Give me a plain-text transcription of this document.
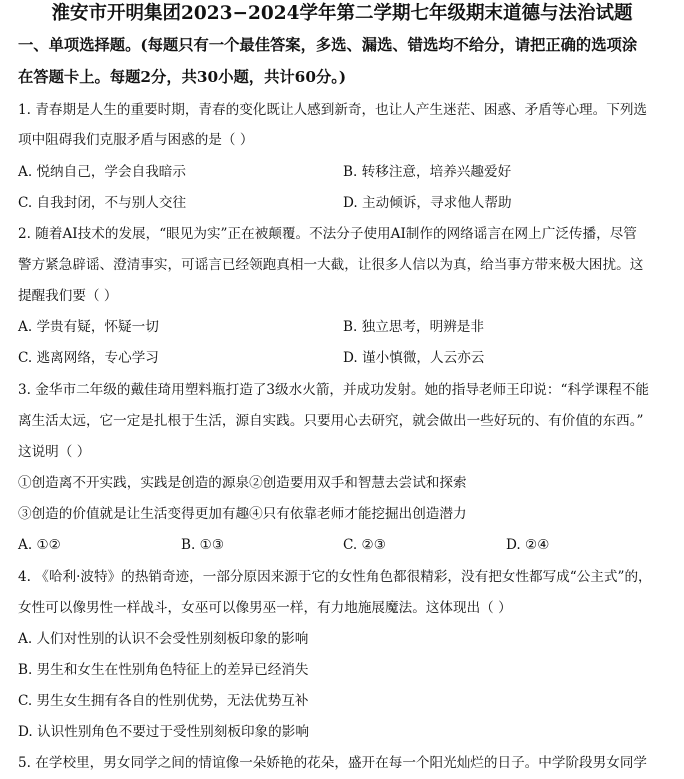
淮安市开明集团2023−2024学年第二学期七年级期末道德与法治试题
一、单项选择题。(每题只有一个最佳答案，多选、漏选、错选均不给分，请把正确的选项涂
在答题卡上。每题2分，共30小题，共计60分。)
1. 青春期是人生的重要时期，青春的变化既让人感到新奇，也让人产生迷茫、困惑、矛盾等心理。下列选
项中阻碍我们克服矛盾与困惑的是（ ）
A. 悦纳自己，学会自我暗示	B. 转移注意，培养兴趣爱好
C. 自我封闭，不与别人交往	D. 主动倾诉，寻求他人帮助
2. 随着AI技术的发展，“眼见为实”正在被颠覆。不法分子使用AI制作的网络谣言在网上广泛传播，尽管
警方紧急辟谣、澄清事实，可谣言已经领跑真相一大截，让很多人信以为真，给当事方带来极大困扰。这
提醒我们要（ ）
A. 学贵有疑，怀疑一切	B. 独立思考，明辨是非
C. 逃离网络，专心学习	D. 谨小慎微，人云亦云
3. 金华市二年级的戴佳琦用塑料瓶打造了3级水火箭，并成功发射。她的指导老师王印说：“科学课程不能
离生活太远，它一定是扎根于生活，源自实践。只要用心去研究，就会做出一些好玩的、有价值的东西。”
这说明（ ）
①创造离不开实践，实践是创造的源泉②创造要用双手和智慧去尝试和探索
③创造的价值就是让生活变得更加有趣④只有依靠老师才能挖掘出创造潜力
A. ①②	B. ①③	C. ②③	D. ②④
4. 《哈利·波特》的热销奇迹，一部分原因来源于它的女性角色都很精彩，没有把女性都写成“公主式”的，
女性可以像男性一样战斗，女巫可以像男巫一样，有力地施展魔法。这体现出（ ）
A. 人们对性别的认识不会受性别刻板印象的影响
B. 男生和女生在性别角色特征上的差异已经消失
C. 男生女生拥有各自的性别优势，无法优势互补
D. 认识性别角色不要过于受性别刻板印象的影响
5. 在学校里，男女同学之间的情谊像一朵娇艳的花朵，盛开在每一个阳光灿烂的日子。中学阶段男女同学
